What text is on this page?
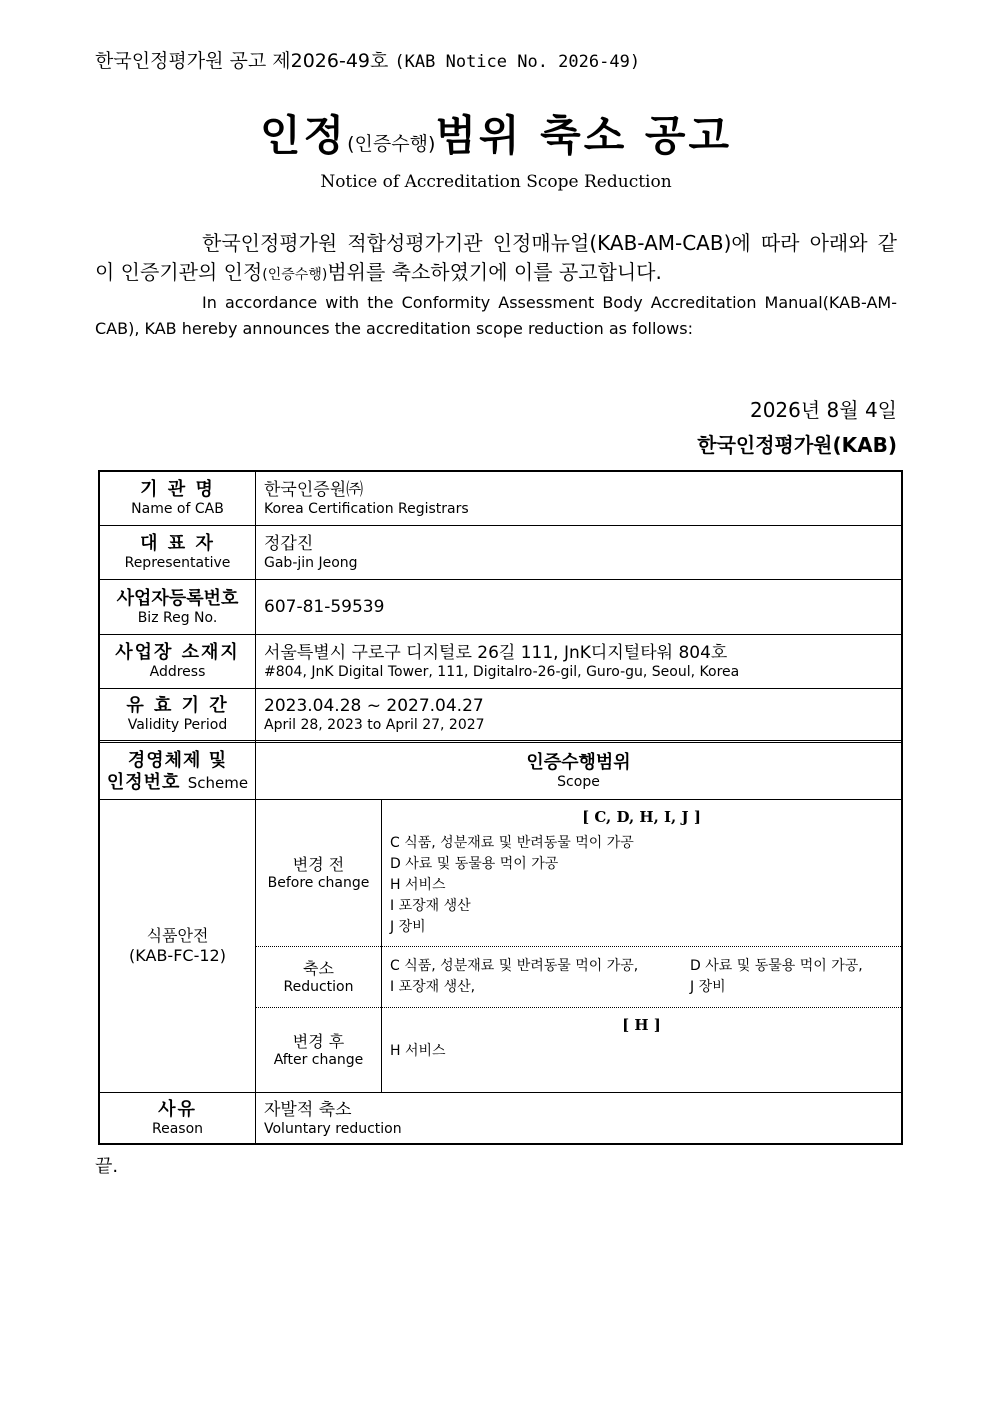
한국인정평가원 공고 제2026-49호 (KAB Notice No. 2026-49)
인정(인증수행)범위 축소 공고
Notice of Accreditation Scope Reduction
한국인정평가원 적합성평가기관 인정매뉴얼(KAB-AM-CAB)에 따라 아래와 같이 인증기관의 인정(인증수행)범위를 축소하였기에 이를 공고합니다.
In accordance with the Conformity Assessment Body Accreditation Manual(KAB-AM-CAB), KAB hereby announces the accreditation scope reduction as follows:
2026년 8월 4일
한국인정평가원(KAB)
기 관 명
Name of CAB
한국인증원㈜
Korea Certification Registrars
대 표 자
Representative
정갑진
Gab-jin Jeong
사업자등록번호
Biz Reg No.
607-81-59539
사업장 소재지
Address
서울특별시 구로구 디지털로 26길 111, JnK디지털타워 804호
#804, JnK Digital Tower, 111, Digitalro-26-gil, Guro-gu, Seoul, Korea
유 효 기 간
Validity Period
2023.04.28 ~ 2027.04.27
April 28, 2023 to April 27, 2027
경영체제 및
인정번호 Scheme
인증수행범위
Scope
식품안전
(KAB-FC-12)
변경 전
Before change
[ C, D, H, I, J ]
C 식품, 성분재료 및 반려동물 먹이 가공
D 사료 및 동물용 먹이 가공
H 서비스
I 포장재 생산
J 장비
축소
Reduction
C 식품, 성분재료 및 반려동물 먹이 가공,
I 포장재 생산,
D 사료 및 동물용 먹이 가공,
J 장비
변경 후
After change
[ H ]
H 서비스
사유
Reason
자발적 축소
Voluntary reduction
끝.
